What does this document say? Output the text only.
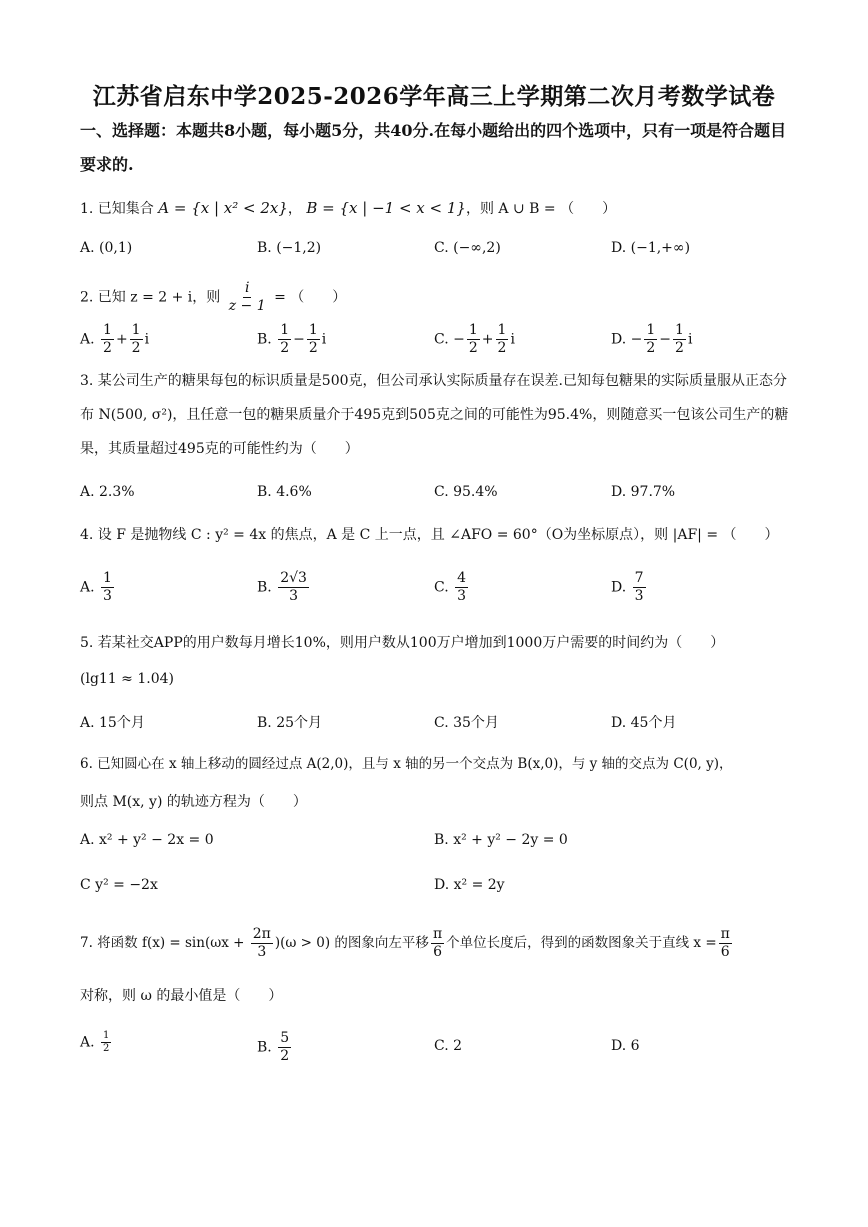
江苏省启东中学2025-2026学年高三上学期第二次月考数学试卷
一、选择题：本题共8小题，每小题5分，共40分.在每小题给出的四个选项中，只有一项是符合题目要求的.
1. 已知集合 A = {x | x² < 2x}， B = {x | −1 < x < 1}，则 A ∪ B = （　　）
A. (0,1)	B. (−1,2)	C. (−∞,2)	D. (−1,+∞)
2. 已知 z = 2 + i，则 $\frac{i}{z - 1}$ = （　　）
A. $\frac{1}{2} + \frac{1}{2}$ i	B. $\frac{1}{2} - \frac{1}{2}$ i	C. − $\frac{1}{2} + \frac{1}{2}$ i	D. − $\frac{1}{2} - \frac{1}{2}$ i
3. 某公司生产的糖果每包的标识质量是500克，但公司承认实际质量存在误差.已知每包糖果的实际质量服从正态分布 N(500, σ²)，且任意一包的糖果质量介于495克到505克之间的可能性为95.4%，则随意买一包该公司生产的糖果，其质量超过495克的可能性约为（　　）
A. 2.3%	B. 4.6%	C. 95.4%	D. 97.7%
4. 设 F 是抛物线 C : y² = 4x 的焦点，A 是 C 上一点，且 ∠AFO = 60°（O为坐标原点），则 |AF| = （　　）
A. $\frac{1}{3}$	B. $\frac{2√3}{3}$	C. $\frac{4}{3}$	D. $\frac{7}{3}$
5. 若某社交APP的用户数每月增长10%，则用户数从100万户增加到1000万户需要的时间约为（　　）
(lg11 ≈ 1.04)
A. 15个月	B. 25个月	C. 35个月	D. 45个月
6. 已知圆心在 x 轴上移动的圆经过点 A(2,0)，且与 x 轴的另一个交点为 B(x,0)，与 y 轴的交点为 C(0, y)，
则点 M(x, y) 的轨迹方程为（　　）
A. x² + y² − 2x = 0	B. x² + y² − 2y = 0
C y² = −2x	D. x² = 2y
7. 将函数 $f(x) = \sin(\omega x + \frac{2\pi}{3} )(\omega > 0)$ 的图象向左平移 $\frac{\pi}{6}$ 个单位长度后，得到的函数图象关于直线 $x = \frac{\pi}{6}$
对称，则 ω 的最小值是（　　）
A. $\frac{1}{2}$	B. $\frac{5}{2}$	C. 2	D. 6
